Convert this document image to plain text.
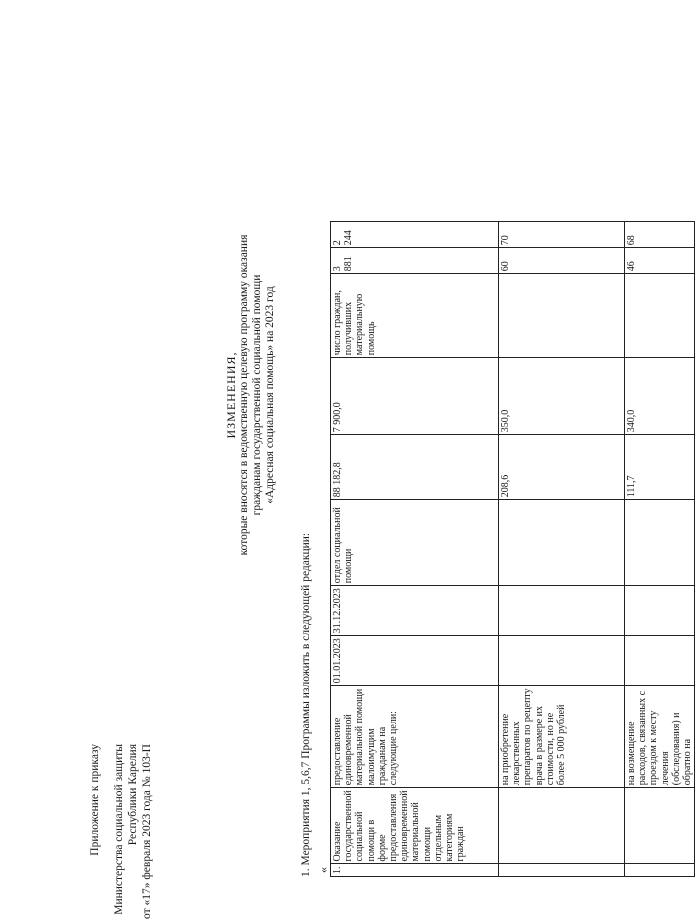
Приложение к приказу Министерства социальной защиты Республики Карелия от «17» февраля 2023 года № 103-П
ИЗМЕНЕНИЯ, которые вносятся в ведомственную целевую программу оказания гражданам государственной социальной помощи «Адресная социальная помощь» на 2023 год
1. Мероприятия 1, 5,6,7 Программы изложить в следующей редакции: « 1.	Оказание государственной социальной помощи в форме предоставления единовременной материальной помощи отдельным категориям граждан	предоставление единовременной материальной помощи малоимущим гражданам на следующие цели:	01.01.2023	31.12.2023	отдел социальной помощи	88 182,8	7 900,0	число граждан, получивших материальную помощь	3 881	2 244
		на приобретение лекарственных препаратов по рецепту врача в размере их стоимости, но не более 5 000 рублей				208,6	350,0		60	70
		на возмещение расходов, связанных с проездом к месту лечения (обследования) и обратно на				111,7	340,0		46	68
